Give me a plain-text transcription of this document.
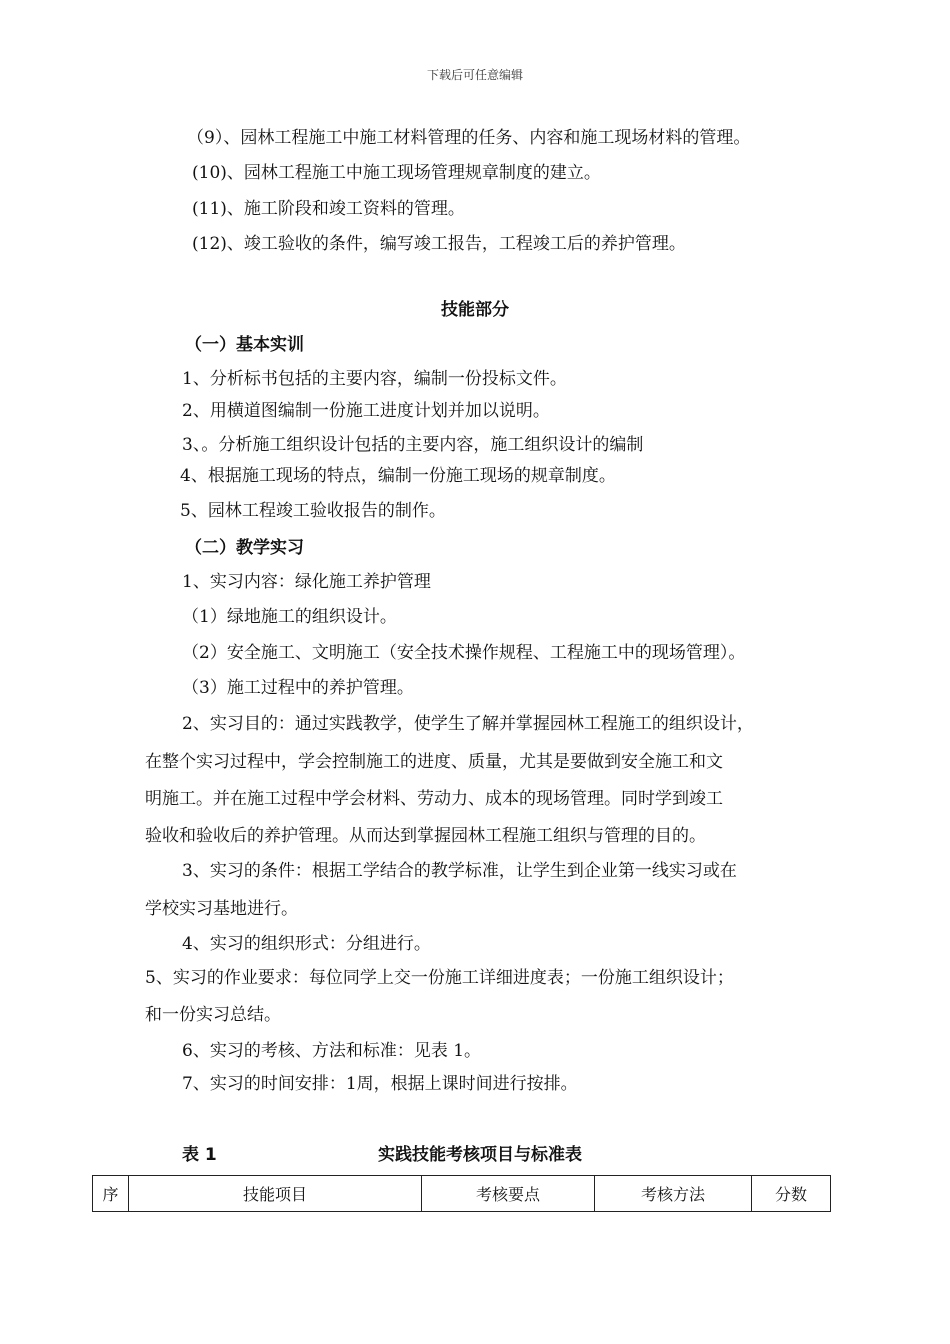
下载后可任意编辑
（9）、园林工程施工中施工材料管理的任务、内容和施工现场材料的管理。
(10)、园林工程施工中施工现场管理规章制度的建立。
(11)、施工阶段和竣工资料的管理。
(12)、竣工验收的条件，编写竣工报告，工程竣工后的养护管理。
技能部分
（一）基本实训
1、分析标书包括的主要内容，编制一份投标文件。
2、用横道图编制一份施工进度计划并加以说明。
3、。分析施工组织设计包括的主要内容，施工组织设计的编制
4、根据施工现场的特点，编制一份施工现场的规章制度。
5、园林工程竣工验收报告的制作。
（二）教学实习
1、实习内容：绿化施工养护管理
（1）绿地施工的组织设计。
（2）安全施工、文明施工（安全技术操作规程、工程施工中的现场管理）。
（3）施工过程中的养护管理。
2、实习目的：通过实践教学，使学生了解并掌握园林工程施工的组织设计，
在整个实习过程中，学会控制施工的进度、质量，尤其是要做到安全施工和文
明施工。并在施工过程中学会材料、劳动力、成本的现场管理。同时学到竣工
验收和验收后的养护管理。从而达到掌握园林工程施工组织与管理的目的。
3、实习的条件：根据工学结合的教学标准，让学生到企业第一线实习或在
学校实习基地进行。
4、实习的组织形式：分组进行。
5、实习的作业要求：每位同学上交一份施工详细进度表；一份施工组织设计；
和一份实习总结。
6、实习的考核、方法和标准：见表 1。
7、实习的时间安排：1周，根据上课时间进行按排。
表 1	实践技能考核项目与标准表
序	技能项目	考核要点	考核方法	分数
